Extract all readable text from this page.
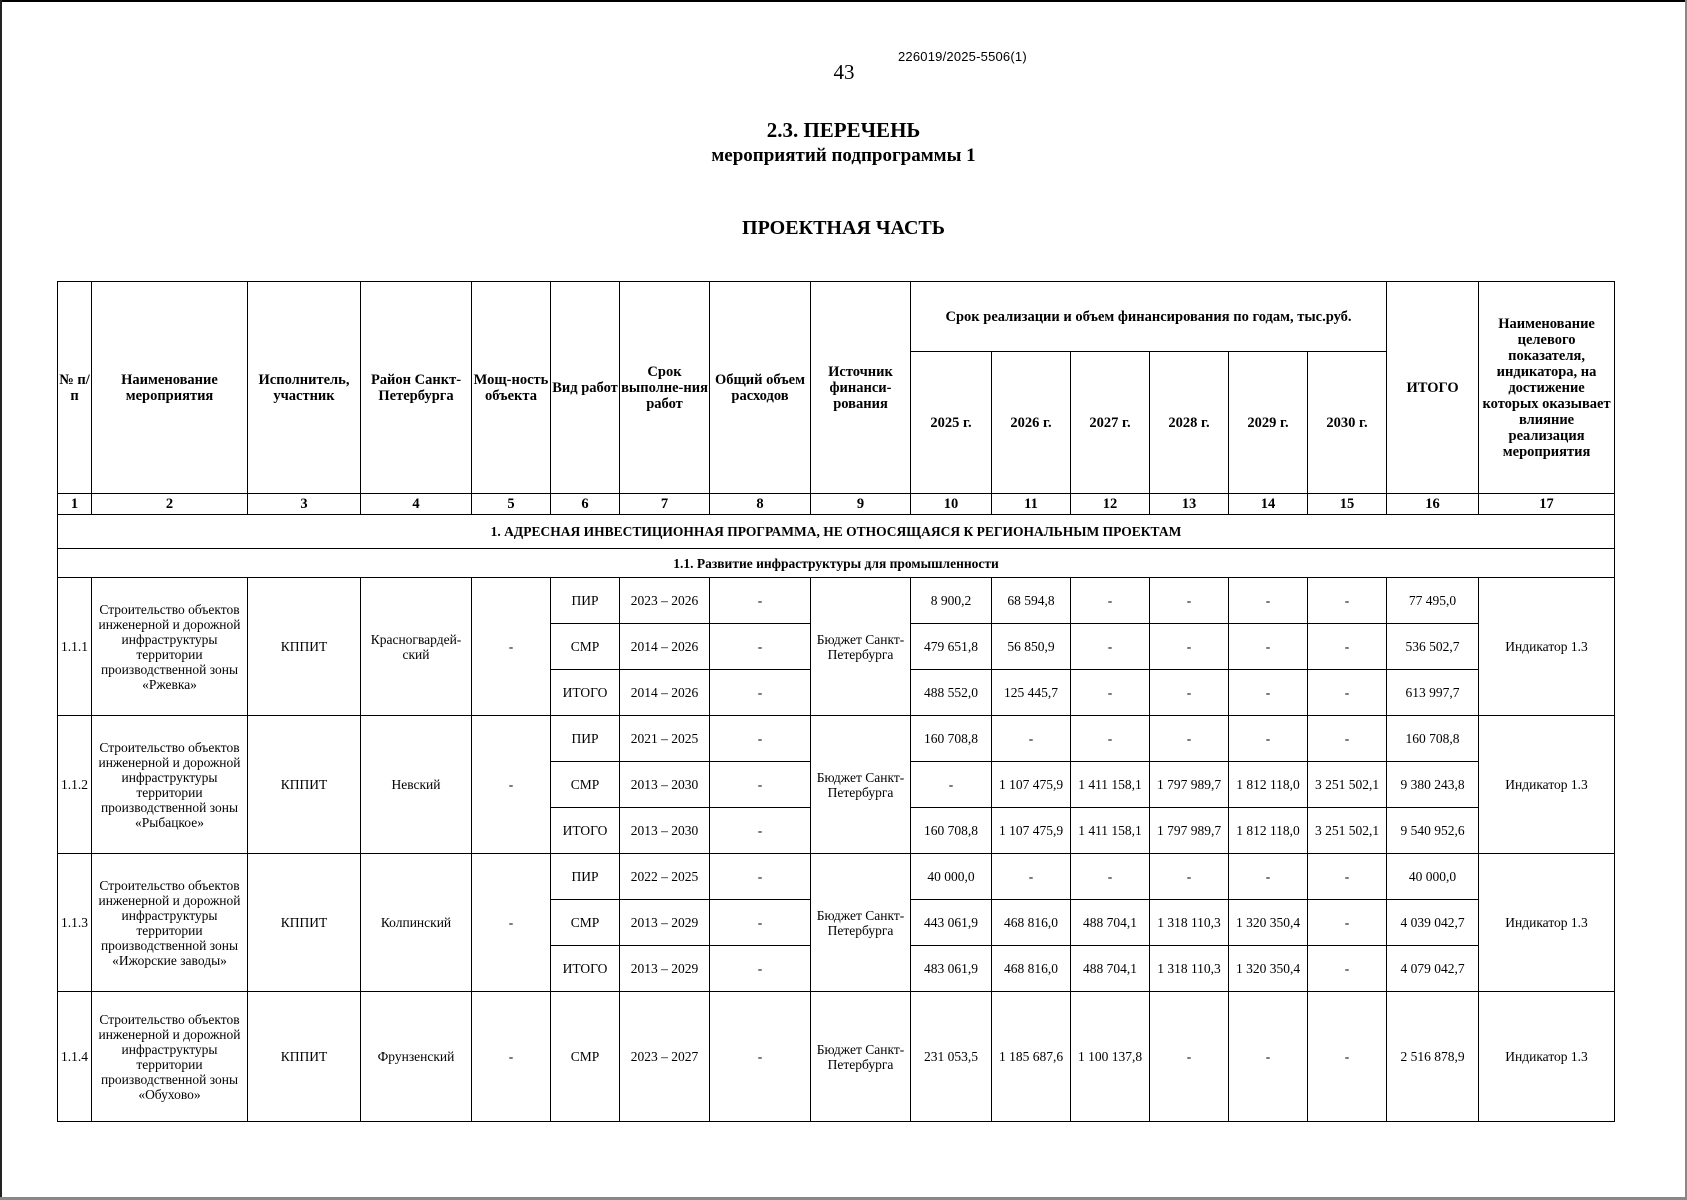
43
226019/2025-5506(1)
2.3. ПЕРЕЧЕНЬ
мероприятий подпрограммы 1
ПРОЕКТНАЯ ЧАСТЬ
№ п/п	Наименование мероприятия	Исполнитель, участник	Район Санкт-Петербурга	Мощ-ность объекта	Вид работ	Срок выполне-ния работ	Общий объем расходов	Источник финанси-рования	Срок реализации и объем финансирования по годам, тыс.руб.						ИТОГО	Наименование целевого показателя, индикатора, на достижение которых оказывает влияние реализация мероприятия
									2025 г.	2026 г.	2027 г.	2028 г.	2029 г.	2030 г.		
1	2	3	4	5	6	7	8	9	10	11	12	13	14	15	16	17
1. АДРЕСНАЯ ИНВЕСТИЦИОННАЯ ПРОГРАММА, НЕ ОТНОСЯЩАЯСЯ К РЕГИОНАЛЬНЫМ ПРОЕКТАМ																
1.1. Развитие инфраструктуры для промышленности																
1.1.1	Строительство объектов инженерной и дорожной инфраструктуры территории производственной зоны «Ржевка»	КППИТ	Красногвардей-ский	-	ПИР	2023 – 2026	-	Бюджет Санкт-Петербурга	8 900,2	68 594,8	-	-	-	-	77 495,0	Индикатор 1.3
					СМР	2014 – 2026	-		479 651,8	56 850,9	-	-	-	-	536 502,7	
					ИТОГО	2014 – 2026	-		488 552,0	125 445,7	-	-	-	-	613 997,7	
1.1.2	Строительство объектов инженерной и дорожной инфраструктуры территории производственной зоны «Рыбацкое»	КППИТ	Невский	-	ПИР	2021 – 2025	-	Бюджет Санкт-Петербурга	160 708,8	-	-	-	-	-	160 708,8	Индикатор 1.3
					СМР	2013 – 2030	-		-	1 107 475,9	1 411 158,1	1 797 989,7	1 812 118,0	3 251 502,1	9 380 243,8	
					ИТОГО	2013 – 2030	-		160 708,8	1 107 475,9	1 411 158,1	1 797 989,7	1 812 118,0	3 251 502,1	9 540 952,6	
1.1.3	Строительство объектов инженерной и дорожной инфраструктуры территории производственной зоны «Ижорские заводы»	КППИТ	Колпинский	-	ПИР	2022 – 2025	-	Бюджет Санкт-Петербурга	40 000,0	-	-	-	-	-	40 000,0	Индикатор 1.3
					СМР	2013 – 2029	-		443 061,9	468 816,0	488 704,1	1 318 110,3	1 320 350,4	-	4 039 042,7	
					ИТОГО	2013 – 2029	-		483 061,9	468 816,0	488 704,1	1 318 110,3	1 320 350,4	-	4 079 042,7	
1.1.4	Строительство объектов инженерной и дорожной инфраструктуры территории производственной зоны «Обухово»	КППИТ	Фрунзенский	-	СМР	2023 – 2027	-	Бюджет Санкт-Петербурга	231 053,5	1 185 687,6	1 100 137,8	-	-	-	2 516 878,9	Индикатор 1.3
